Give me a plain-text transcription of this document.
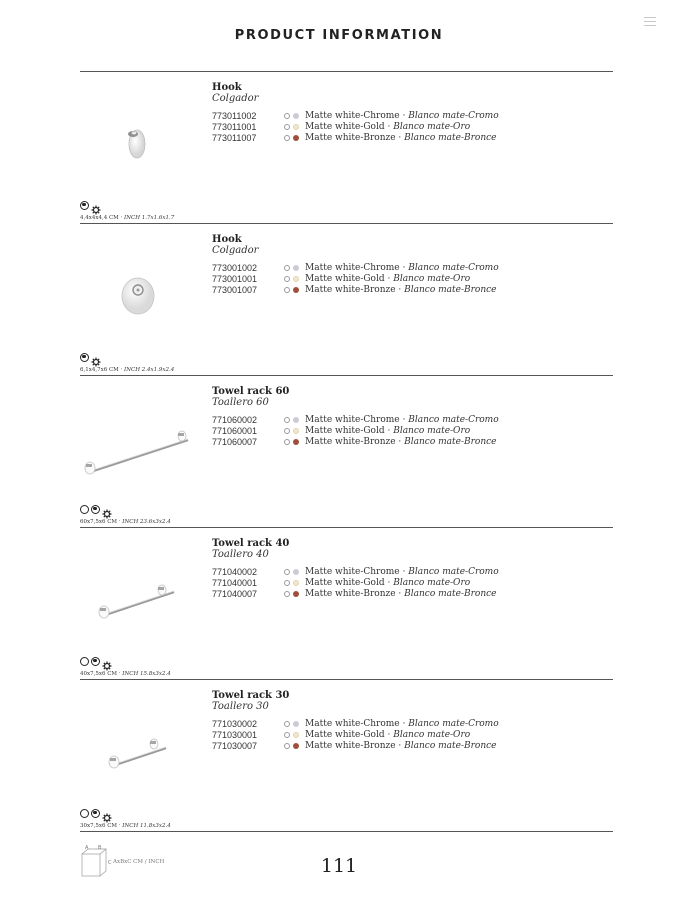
PRODUCT INFORMATION
Hook
Colgador
773011002	Matte white-Chrome · Blanco mate-Cromo
773011001	Matte white-Gold · Blanco mate-Oro
773011007	Matte white-Bronze · Blanco mate-Bronce
4,4x4x4,4 CM · INCH 1.7x1.6x1.7
Hook
Colgador
773001002	Matte white-Chrome · Blanco mate-Cromo
773001001	Matte white-Gold · Blanco mate-Oro
773001007	Matte white-Bronze · Blanco mate-Bronce
6,1x4,7x6 CM · INCH 2.4x1.9x2.4
Towel rack 60
Toallero 60
771060002	Matte white-Chrome · Blanco mate-Cromo
771060001	Matte white-Gold · Blanco mate-Oro
771060007	Matte white-Bronze · Blanco mate-Bronce
60x7,5x6 CM · INCH 23.6x3x2.4
Towel rack 40
Toallero 40
771040002	Matte white-Chrome · Blanco mate-Cromo
771040001	Matte white-Gold · Blanco mate-Oro
771040007	Matte white-Bronze · Blanco mate-Bronce
40x7,5x6 CM · INCH 15.8x3x2.4
Towel rack 30
Toallero 30
771030002	Matte white-Chrome · Blanco mate-Cromo
771030001	Matte white-Gold · Blanco mate-Oro
771030007	Matte white-Bronze · Blanco mate-Bronce
30x7,5x6 CM · INCH 11.8x3x2.4
A B
C AxBxC CM / INCH	111
